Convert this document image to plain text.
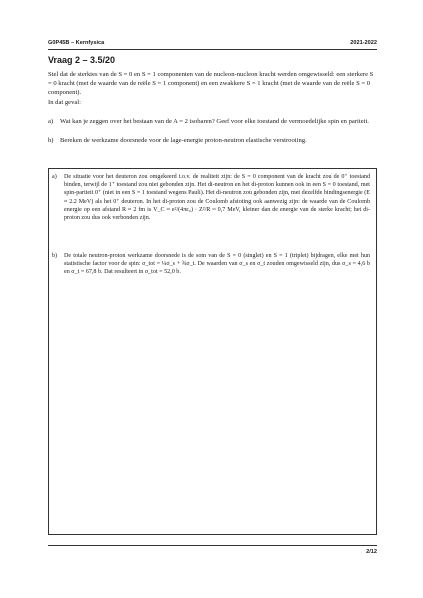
G0P45B – Kernfysica	2021-2022
Vraag 2 – 3.5/20

Stel dat de sterktes van de S = 0 en S = 1 componenten van de nucleon-nucleon kracht werden omgewisseld: een sterkere S = 0 kracht (met de waarde van de reële S = 1 component) en een zwakkere S = 1 kracht (met de waarde van de reële S = 0 component).

In dat geval:

a) Wat kan je zeggen over het bestaan van de A = 2 isobaren? Geef voor elke toestand de vermoedelijke spin en pariteit.
b) Bereken de werkzame doorsnede voor de lage-energie proton-neutron elastische verstrooiing.
a) De situatie voor het deuteron zou omgekeerd t.o.v. de realiteit zijn: de S = 0 component van de kracht zou de 0⁺ toestand binden, terwijl de 1⁺ toestand zou niet gebonden zijn. Het di-neutron en het di-proton kunnen ook in een S = 0 toestand, met spin-pariteit 0⁺ (niet in een S = 1 toestand wegens Pauli). Het di-neutron zou gebonden zijn, met dezelfde bindingsenergie (E ≈ 2.2 MeV) als het 0⁺ deuteron. In het di-proton zou de Coulomb afstoting ook aanwezig zijn: de waarde van de Coulomb energie op een afstand R ≈ 2 fm is V_C ≈ e²/(4πε₀) · Z²/R ≈ 0,7 MeV, kleiner dan de energie van de sterke kracht; het di-proton zou dus ook verbonden zijn.
b) De totale neutron-proton werkzame doorsnede is de som van de S = 0 (singlet) en S = 1 (triplet) bijdragen, elke met hun statistische factor voor de spin: σ_tot = ¼σ_s + ¾σ_t. De waarden van σ_s en σ_t zouden omgewisseld zijn, dus σ_s = 4,6 b en σ_t = 67,8 b. Dat resulteert in σ_tot = 52,0 b.
2/12
